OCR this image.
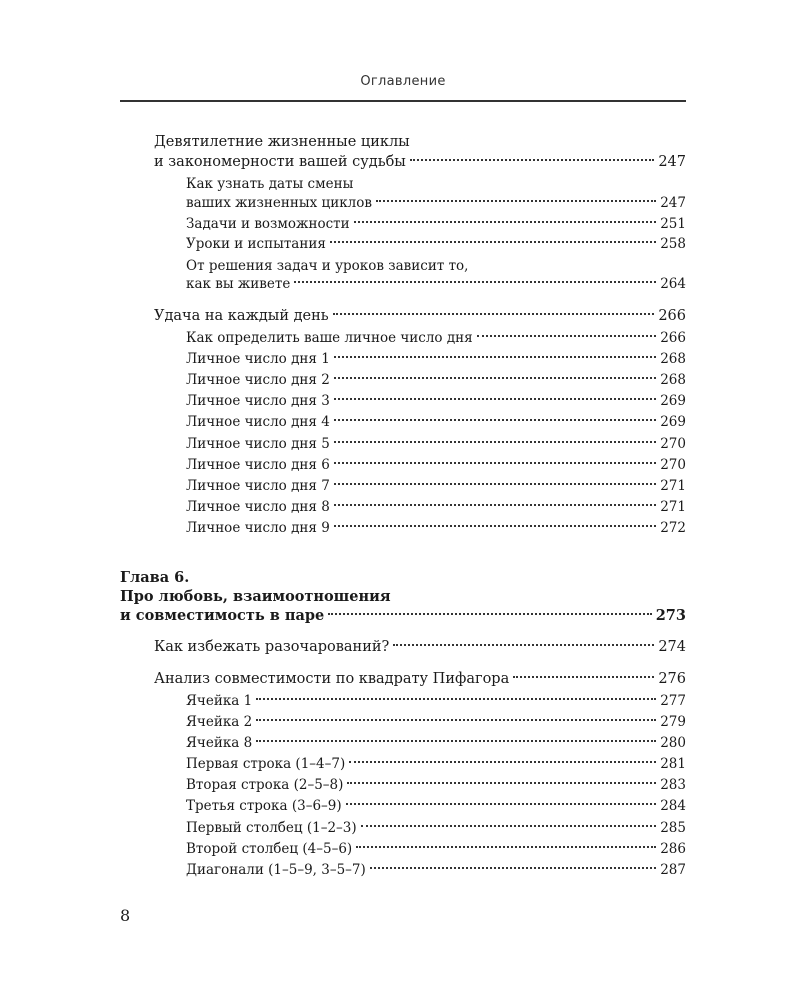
Оглавление
Девятилетние жизненные циклы
и закономерности вашей судьбы	247
Как узнать даты смены
ваших жизненных циклов	247
Задачи и возможности	251
Уроки и испытания	258
От решения задач и уроков зависит то,
как вы живете	264
Удача на каждый день	266
Как определить ваше личное число дня	266
Личное число дня 1	268
Личное число дня 2	268
Личное число дня 3	269
Личное число дня 4	269
Личное число дня 5	270
Личное число дня 6	270
Личное число дня 7	271
Личное число дня 8	271
Личное число дня 9	272
Глава 6.
Про любовь, взаимоотношения
и совместимость в паре	273
Как избежать разочарований?	274
Анализ совместимости по квадрату Пифагора	276
Ячейка 1	277
Ячейка 2	279
Ячейка 8	280
Первая строка (1–4–7)	281
Вторая строка (2–5–8)	283
Третья строка (3–6–9)	284
Первый столбец (1–2–3)	285
Второй столбец (4–5–6)	286
Диагонали (1–5–9, 3–5–7)	287
8
